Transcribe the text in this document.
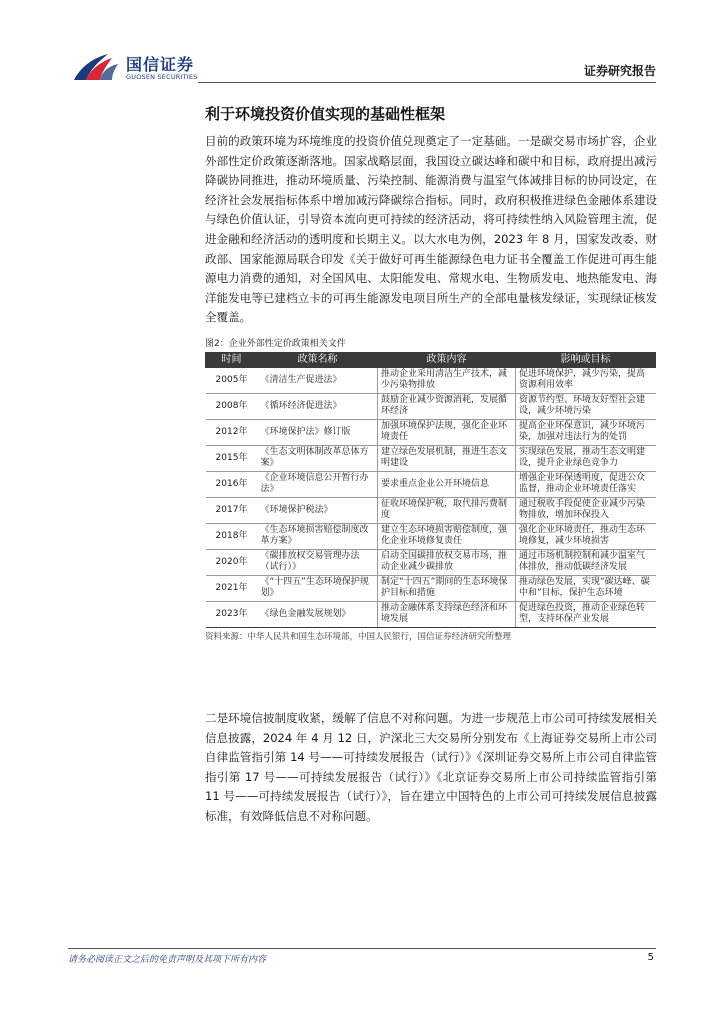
国信证券
GUOSEN SECURITIES	证券研究报告
利于环境投资价值实现的基础性框架

目前的政策环境为环境维度的投资价值兑现奠定了一定基础。一是碳交易市场扩容，企业外部性定价政策逐渐落地。国家战略层面，我国设立碳达峰和碳中和目标，政府提出减污降碳协同推进，推动环境质量、污染控制、能源消费与温室气体减排目标的协同设定，在经济社会发展指标体系中增加减污降碳综合指标。同时，政府积极推进绿色金融体系建设与绿色价值认证，引导资本流向更可持续的经济活动，将可持续性纳入风险管理主流，促进金融和经济活动的透明度和长期主义。以大水电为例，2023 年 8 月，国家发改委、财政部、国家能源局联合印发《关于做好可再生能源绿色电力证书全覆盖工作促进可再生能源电力消费的通知，对全国风电、太阳能发电、常规水电、生物质发电、地热能发电、海洋能发电等已建档立卡的可再生能源发电项目所生产的全部电量核发绿证，实现绿证核发全覆盖。

图2：企业外部性定价政策相关文件
时间	政策名称	政策内容	影响或目标
2005年	《清洁生产促进法》	推动企业采用清洁生产技术，减少污染物排放	促进环境保护，减少污染，提高资源利用效率
2008年	《循环经济促进法》	鼓励企业减少资源消耗，发展循环经济	资源节约型、环境友好型社会建设，减少环境污染
2012年	《环境保护法》修订版	加强环境保护法规，强化企业环境责任	提高企业环保意识，减少环境污染，加强对违法行为的处罚
2015年	《生态文明体制改革总体方案》	建立绿色发展机制，推进生态文明建设	实现绿色发展，推动生态文明建设，提升企业绿色竞争力
2016年	《企业环境信息公开暂行办法》	要求重点企业公开环境信息	增强企业环保透明度，促进公众监督，推动企业环境责任落实
2017年	《环境保护税法》	征收环境保护税，取代排污费制度	通过税收手段促使企业减少污染物排放，增加环保投入
2018年	《生态环境损害赔偿制度改革方案》	建立生态环境损害赔偿制度，强化企业环境修复责任	强化企业环境责任，推动生态环境修复，减少环境损害
2020年	《碳排放权交易管理办法（试行）》	启动全国碳排放权交易市场，推动企业减少碳排放	通过市场机制控制和减少温室气体排放，推动低碳经济发展
2021年	《“十四五”生态环境保护规划》	制定“十四五”期间的生态环境保护目标和措施	推动绿色发展，实现“碳达峰、碳中和”目标，保护生态环境
2023年	《绿色金融发展规划》	推动金融体系支持绿色经济和环境发展	促进绿色投资，推动企业绿色转型，支持环保产业发展
资料来源：中华人民共和国生态环境部，中国人民银行，国信证券经济研究所整理

二是环境信披制度收紧，缓解了信息不对称问题。为进一步规范上市公司可持续发展相关信息披露，2024 年 4 月 12 日，沪深北三大交易所分别发布《上海证券交易所上市公司自律监管指引第 14 号——可持续发展报告（试行）》《深圳证券交易所上市公司自律监管指引第 17 号——可持续发展报告（试行）》《北京证券交易所上市公司持续监管指引第 11 号——可持续发展报告（试行）》，旨在建立中国特色的上市公司可持续发展信息披露标准，有效降低信息不对称问题。

请务必阅读正文之后的免责声明及其项下所有内容	5
